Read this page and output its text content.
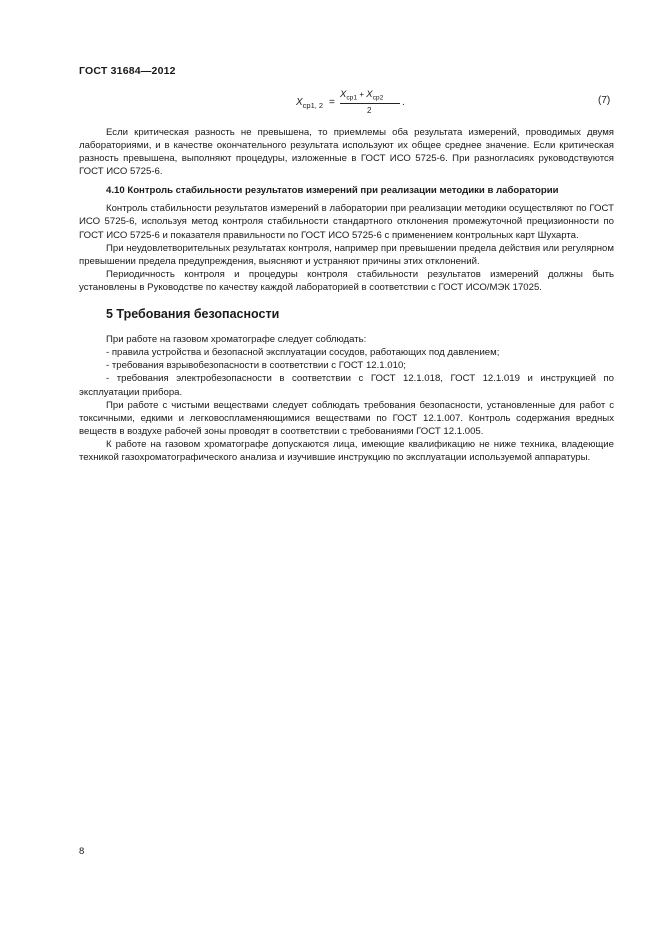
ГОСТ 31684—2012
$X_{ср1, 2}$ =
$X_{ср1} + X_{ср2}$
2
.	(7)

Если критическая разность не превышена, то приемлемы оба результата измерений, проводимых двумя лабораториями, и в качестве окончательного результата используют их общее среднее значение. Если критическая разность превышена, выполняют процедуры, изложенные в ГОСТ ИСО 5725-6. При разногласиях руководствуются ГОСТ ИСО 5725-6.

4.10 Контроль стабильности результатов измерений при реализации методики в лаборатории

Контроль стабильности результатов измерений в лаборатории при реализации методики осуществляют по ГОСТ ИСО 5725-6, используя метод контроля стабильности стандартного отклонения промежуточной прецизионности по ГОСТ ИСО 5725-6 и показателя правильности по ГОСТ ИСО 5725-6 с применением контрольных карт Шухарта.

При неудовлетворительных результатах контроля, например при превышении предела действия или регулярном превышении предела предупреждения, выясняют и устраняют причины этих отклонений.

Периодичность контроля и процедуры контроля стабильности результатов измерений должны быть установлены в Руководстве по качеству каждой лабораторией в соответствии с ГОСТ ИСО/МЭК 17025.

5 Требования безопасности

При работе на газовом хроматографе следует соблюдать:

- правила устройства и безопасной эксплуатации сосудов, работающих под давлением;

- требования взрывобезопасности в соответствии с ГОСТ 12.1.010;

- требования электробезопасности в соответствии с ГОСТ 12.1.018, ГОСТ 12.1.019 и инструкцией по эксплуатации прибора.

При работе с чистыми веществами следует соблюдать требования безопасности, установленные для работ с токсичными, едкими и легковоспламеняющимися веществами по ГОСТ 12.1.007. Контроль содержания вредных веществ в воздухе рабочей зоны проводят в соответствии с требованиями ГОСТ 12.1.005.

К работе на газовом хроматографе допускаются лица, имеющие квалификацию не ниже техника, владеющие техникой газохроматографического анализа и изучившие инструкцию по эксплуатации используемой аппаратуры.

8
